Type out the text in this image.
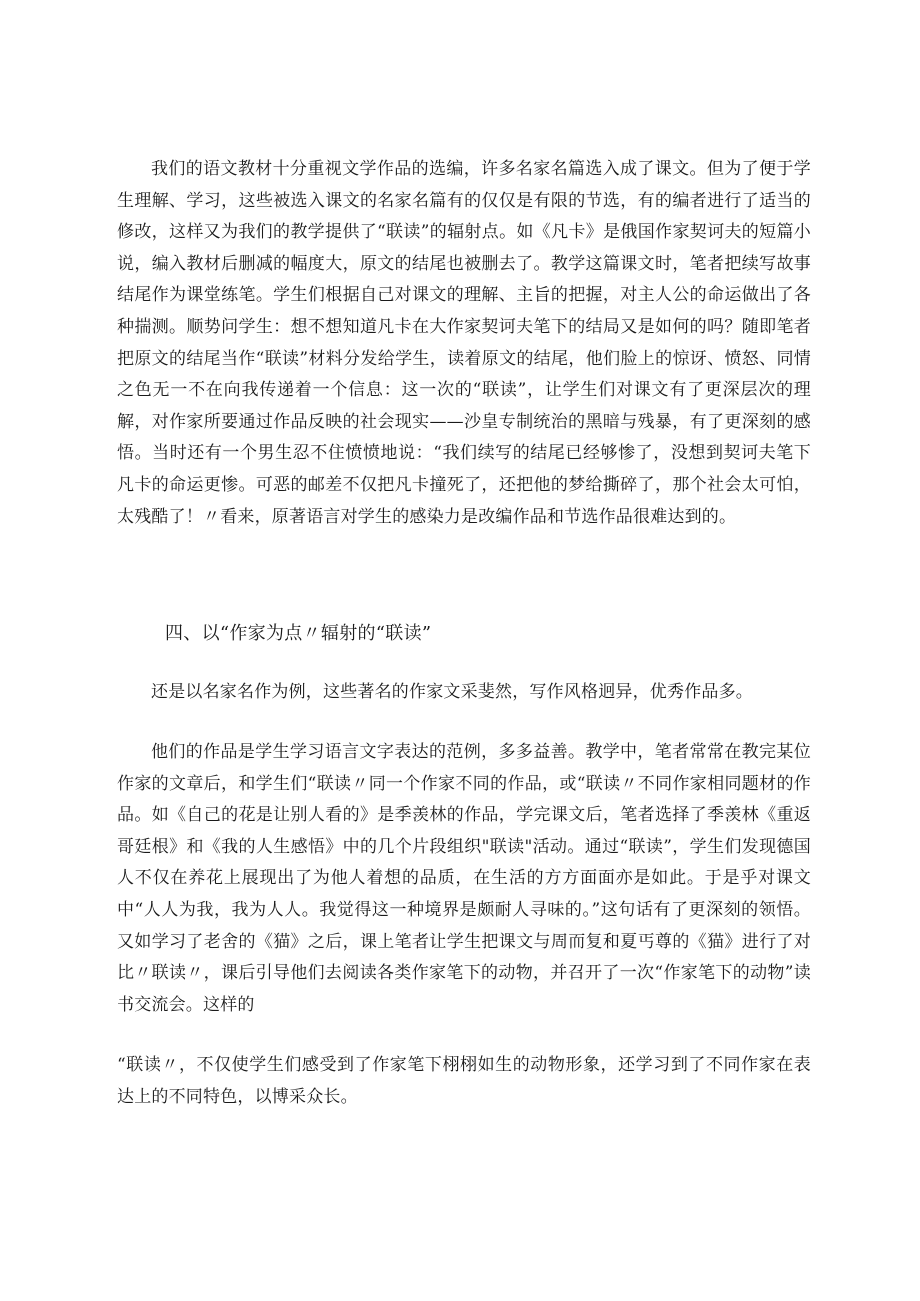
我们的语文教材十分重视文学作品的选编，许多名家名篇选入成了课文。但为了便于学生理解、学习，这些被选入课文的名家名篇有的仅仅是有限的节选，有的编者进行了适当的修改，这样又为我们的教学提供了“联读”的辐射点。如《凡卡》是俄国作家契诃夫的短篇小说，编入教材后删减的幅度大，原文的结尾也被删去了。教学这篇课文时，笔者把续写故事结尾作为课堂练笔。学生们根据自己对课文的理解、主旨的把握，对主人公的命运做出了各种揣测。顺势问学生：想不想知道凡卡在大作家契诃夫笔下的结局又是如何的吗？随即笔者把原文的结尾当作“联读”材料分发给学生，读着原文的结尾，他们脸上的惊讶、愤怒、同情之色无一不在向我传递着一个信息：这一次的“联读”，让学生们对课文有了更深层次的理解，对作家所要通过作品反映的社会现实——沙皇专制统治的黑暗与残暴，有了更深刻的感悟。当时还有一个男生忍不住愤愤地说：“我们续写的结尾已经够惨了，没想到契诃夫笔下凡卡的命运更惨。可恶的邮差不仅把凡卡撞死了，还把他的梦给撕碎了，那个社会太可怕，太残酷了！〃看来，原著语言对学生的感染力是改编作品和节选作品很难达到的。

四、以“作家为点〃辐射的“联读”

还是以名家名作为例，这些著名的作家文采斐然，写作风格迥异，优秀作品多。

他们的作品是学生学习语言文字表达的范例，多多益善。教学中，笔者常常在教完某位作家的文章后，和学生们“联读〃同一个作家不同的作品，或“联读〃不同作家相同题材的作品。如《自己的花是让别人看的》是季羡林的作品，学完课文后，笔者选择了季羡林《重返哥廷根》和《我的人生感悟》中的几个片段组织"联读"活动。通过“联读”，学生们发现德国人不仅在养花上展现出了为他人着想的品质，在生活的方方面面亦是如此。于是乎对课文中“人人为我，我为人人。我觉得这一种境界是颇耐人寻味的。”这句话有了更深刻的领悟。又如学习了老舍的《猫》之后，课上笔者让学生把课文与周而复和夏丐尊的《猫》进行了对比〃联读〃，课后引导他们去阅读各类作家笔下的动物，并召开了一次“作家笔下的动物”读书交流会。这样的

“联读〃，不仅使学生们感受到了作家笔下栩栩如生的动物形象，还学习到了不同作家在表达上的不同特色，以博采众长。
